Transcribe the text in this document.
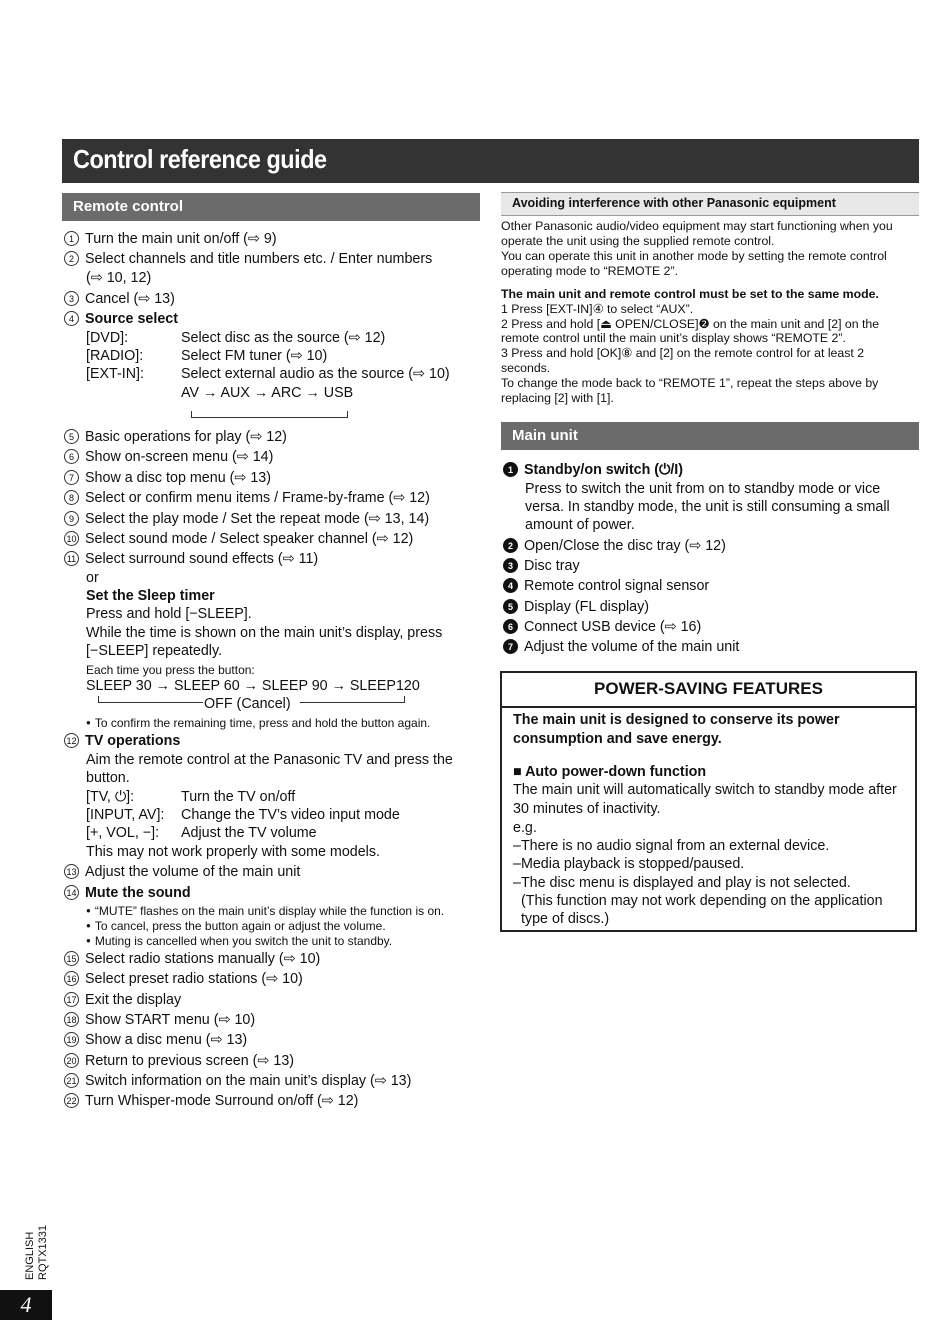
Control reference guide
Remote control
1 Turn the main unit on/off (⇨ 9)
2 Select channels and title numbers etc. / Enter numbers
(⇨ 10, 12)
3 Cancel (⇨ 13)
4 Source select
[DVD]:	Select disc as the source (⇨ 12)
[RADIO]:	Select FM tuner (⇨ 10)
[EXT-IN]:	Select external audio as the source (⇨ 10)
AV → AUX → ARC → USB
5 Basic operations for play (⇨ 12)
6 Show on-screen menu (⇨ 14)
7 Show a disc top menu (⇨ 13)
8 Select or confirm menu items / Frame-by-frame (⇨ 12)
9 Select the play mode / Set the repeat mode (⇨ 13, 14)
10 Select sound mode / Select speaker channel (⇨ 12)
11 Select surround sound effects (⇨ 11)
or
Set the Sleep timer
Press and hold [−SLEEP].
While the time is shown on the main unit’s display, press
[−SLEEP] repeatedly.
Each time you press the button:
SLEEP 30 → SLEEP 60 → SLEEP 90 → SLEEP120
OFF (Cancel)
● To confirm the remaining time, press and hold the button again.
12 TV operations
Aim the remote control at the Panasonic TV and press the
button.
[TV, ⏻]:	Turn the TV on/off
[INPUT, AV]: Change the TV’s video input mode
[+, VOL, −]: Adjust the TV volume
This may not work properly with some models.
13 Adjust the volume of the main unit
14 Mute the sound
● “MUTE” flashes on the main unit’s display while the function is on.
● To cancel, press the button again or adjust the volume.
● Muting is cancelled when you switch the unit to standby.
15 Select radio stations manually (⇨ 10)
16 Select preset radio stations (⇨ 10)
17 Exit the display
18 Show START menu (⇨ 10)
19 Show a disc menu (⇨ 13)
20 Return to previous screen (⇨ 13)
21 Switch information on the main unit’s display (⇨ 13)
22 Turn Whisper-mode Surround on/off (⇨ 12)
Avoiding interference with other Panasonic equipment
Other Panasonic audio/video equipment may start functioning when you
operate the unit using the supplied remote control.
You can operate this unit in another mode by setting the remote control
operating mode to “REMOTE 2”.
The main unit and remote control must be set to the same mode.
1 Press [EXT-IN]④ to select “AUX”.
2 Press and hold [⏏ OPEN/CLOSE]❷ on the main unit and [2] on the
remote control until the main unit’s display shows “REMOTE 2”.
3 Press and hold [OK]⑧ and [2] on the remote control for at least 2
seconds.
To change the mode back to “REMOTE 1”, repeat the steps above by
replacing [2] with [1].
Main unit
1 Standby/on switch (⏻/I)
Press to switch the unit from on to standby mode or vice
versa. In standby mode, the unit is still consuming a small
amount of power.
2 Open/Close the disc tray (⇨ 12)
3 Disc tray
4 Remote control signal sensor
5 Display (FL display)
6 Connect USB device (⇨ 16)
7 Adjust the volume of the main unit
POWER-SAVING FEATURES
The main unit is designed to conserve its power
consumption and save energy.
■ Auto power-down function
The main unit will automatically switch to standby mode after
30 minutes of inactivity.
e.g.
–There is no audio signal from an external device.
–Media playback is stopped/paused.
–The disc menu is displayed and play is not selected.
(This function may not work depending on the application
type of discs.)
ENGLISH RQTX1331
4
